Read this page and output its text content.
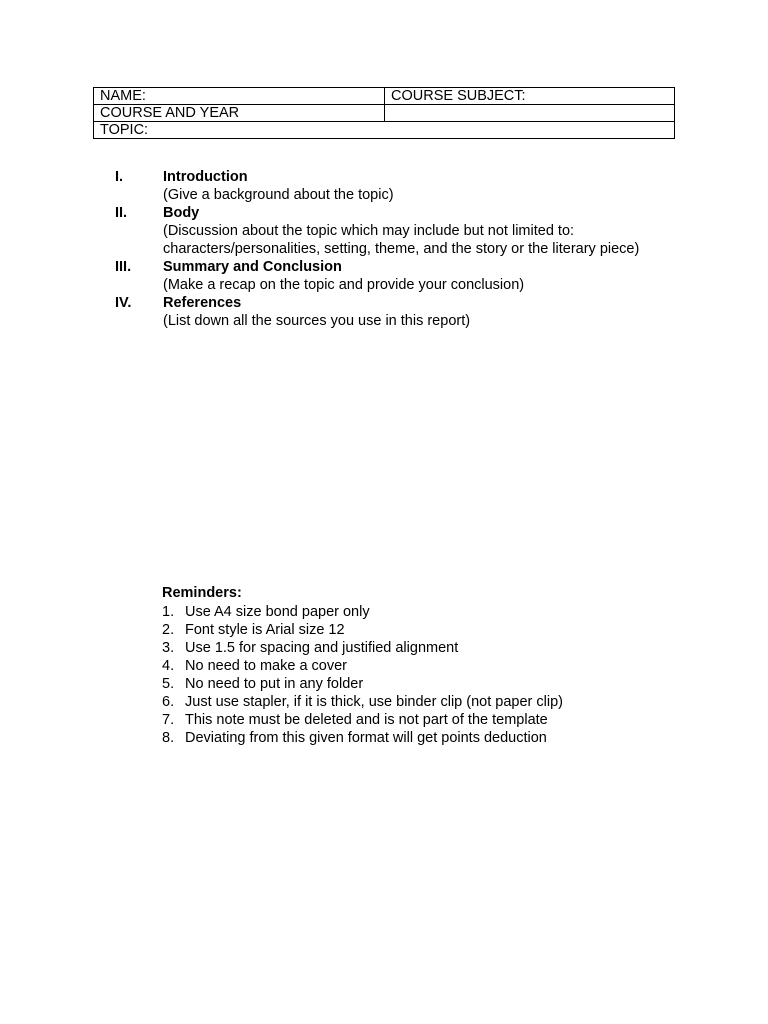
NAME:	COURSE SUBJECT:
COURSE AND YEAR	
TOPIC:	
I.	Introduction
(Give a background about the topic)
II. Body
(Discussion about the topic which may include but not limited to:
characters/personalities, setting, theme, and the story or the literary piece)
III. Summary and Conclusion
(Make a recap on the topic and provide your conclusion)
IV. References
(List down all the sources you use in this report)
Reminders:
1. Use A4 size bond paper only
2. Font style is Arial size 12
3. Use 1.5 for spacing and justified alignment
4. No need to make a cover
5. No need to put in any folder
6. Just use stapler, if it is thick, use binder clip (not paper clip)
7. This note must be deleted and is not part of the template
8. Deviating from this given format will get points deduction
